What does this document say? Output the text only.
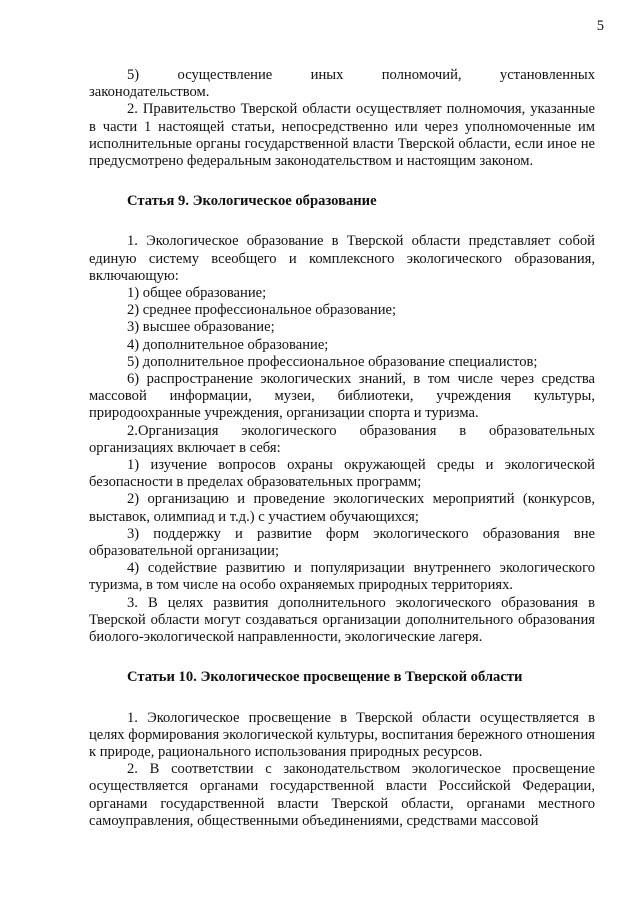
5

5)         осуществление         иных         полномочий,         установленных законодательством.

2. Правительство Тверской области осуществляет полномочия, указанные в части 1 настоящей статьи, непосредственно или через уполномоченные им исполнительные органы государственной власти Тверской области, если иное не предусмотрено федеральным законодательством и настоящим законом.

Статья 9. Экологическое образование

1. Экологическое образование в Тверской области представляет собой единую систему всеобщего и комплексного экологического образования, включающую:

1) общее образование;

2) среднее профессиональное образование;

3) высшее образование;

4) дополнительное образование;

5) дополнительное профессиональное образование специалистов;

6) распространение экологических знаний, в том числе через средства массовой информации, музеи, библиотеки, учреждения культуры, природоохранные учреждения, организации спорта и туризма.

2.Организация экологического образования в образовательных организациях включает в себя:

1) изучение вопросов охраны окружающей среды и экологической безопасности в пределах образовательных программ;

2) организацию и проведение экологических мероприятий (конкурсов, выставок, олимпиад и т.д.) с участием обучающихся;

3) поддержку и развитие форм экологического образования вне образовательной организации;

4) содействие развитию и популяризации внутреннего экологического туризма, в том числе на особо охраняемых природных территориях.

3. В целях развития дополнительного экологического образования в Тверской области могут создаваться организации дополнительного образования биолого-экологической направленности, экологические лагеря.

Статьи 10. Экологическое просвещение в Тверской области

1. Экологическое просвещение в Тверской области осуществляется в целях формирования экологической культуры, воспитания бережного отношения к природе, рационального использования природных ресурсов.

2. В соответствии с законодательством экологическое просвещение осуществляется органами государственной власти Российской Федерации, органами государственной власти Тверской области, органами местного самоуправления, общественными объединениями, средствами массовой
